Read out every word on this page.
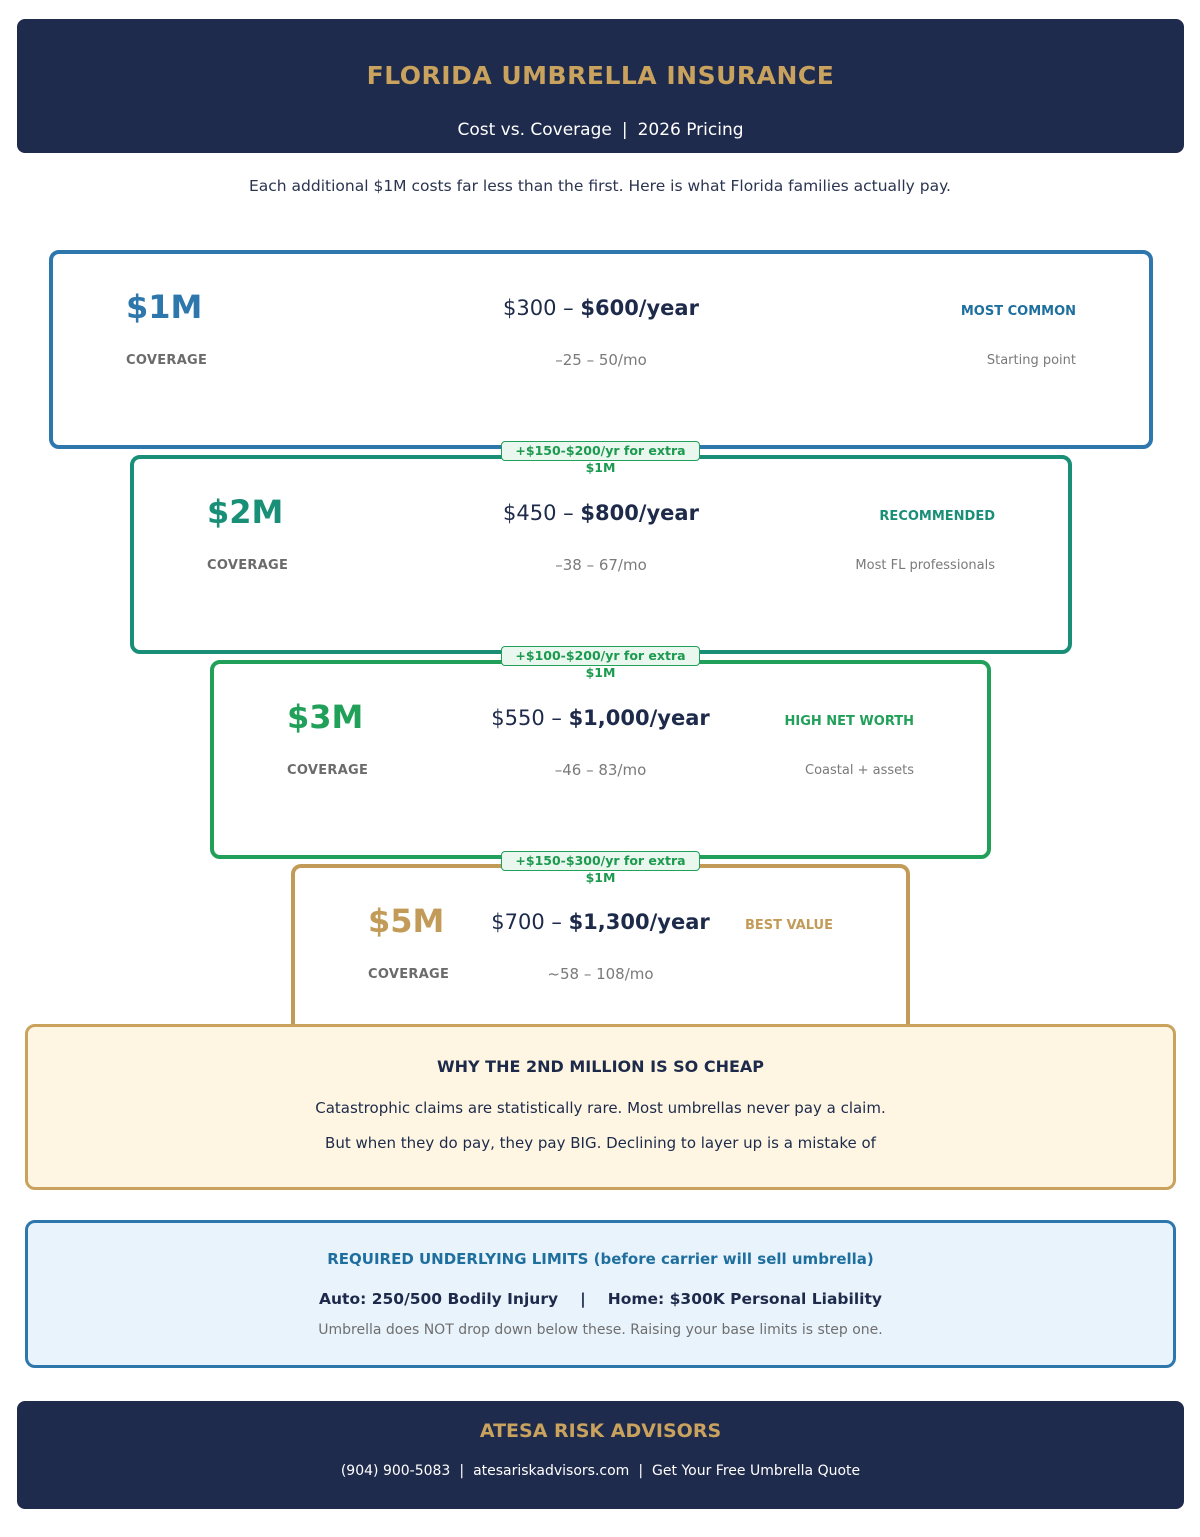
FLORIDA UMBRELLA INSURANCE
Cost vs. Coverage | 2026 Pricing
Each additional $1M costs far less than the first. Here is what Florida families actually pay.
$1M
COVERAGE
$300 – $600/year
–25 – 50/mo
MOST COMMON
Starting point
$2M
COVERAGE
$450 – $800/year
–38 – 67/mo
RECOMMENDED
Most FL professionals
$3M
COVERAGE
$550 – $1,000/year
–46 – 83/mo
HIGH NET WORTH
Coastal + assets
$5M
COVERAGE
$700 – $1,300/year
~58 – 108/mo
BEST VALUE
+$150-$200/yr for extra $1M
+$100-$200/yr for extra $1M
+$150-$300/yr for extra $1M
WHY THE 2ND MILLION IS SO CHEAP
Catastrophic claims are statistically rare. Most umbrellas never pay a claim.
But when they do pay, they pay BIG. Declining to layer up is a mistake of
REQUIRED UNDERLYING LIMITS (before carrier will sell umbrella)
Auto: 250/500 Bodily Injury | Home: $300K Personal Liability
Umbrella does NOT drop down below these. Raising your base limits is step one.
ATESA RISK ADVISORS
(904) 900-5083 | atesariskadvisors.com | Get Your Free Umbrella Quote
